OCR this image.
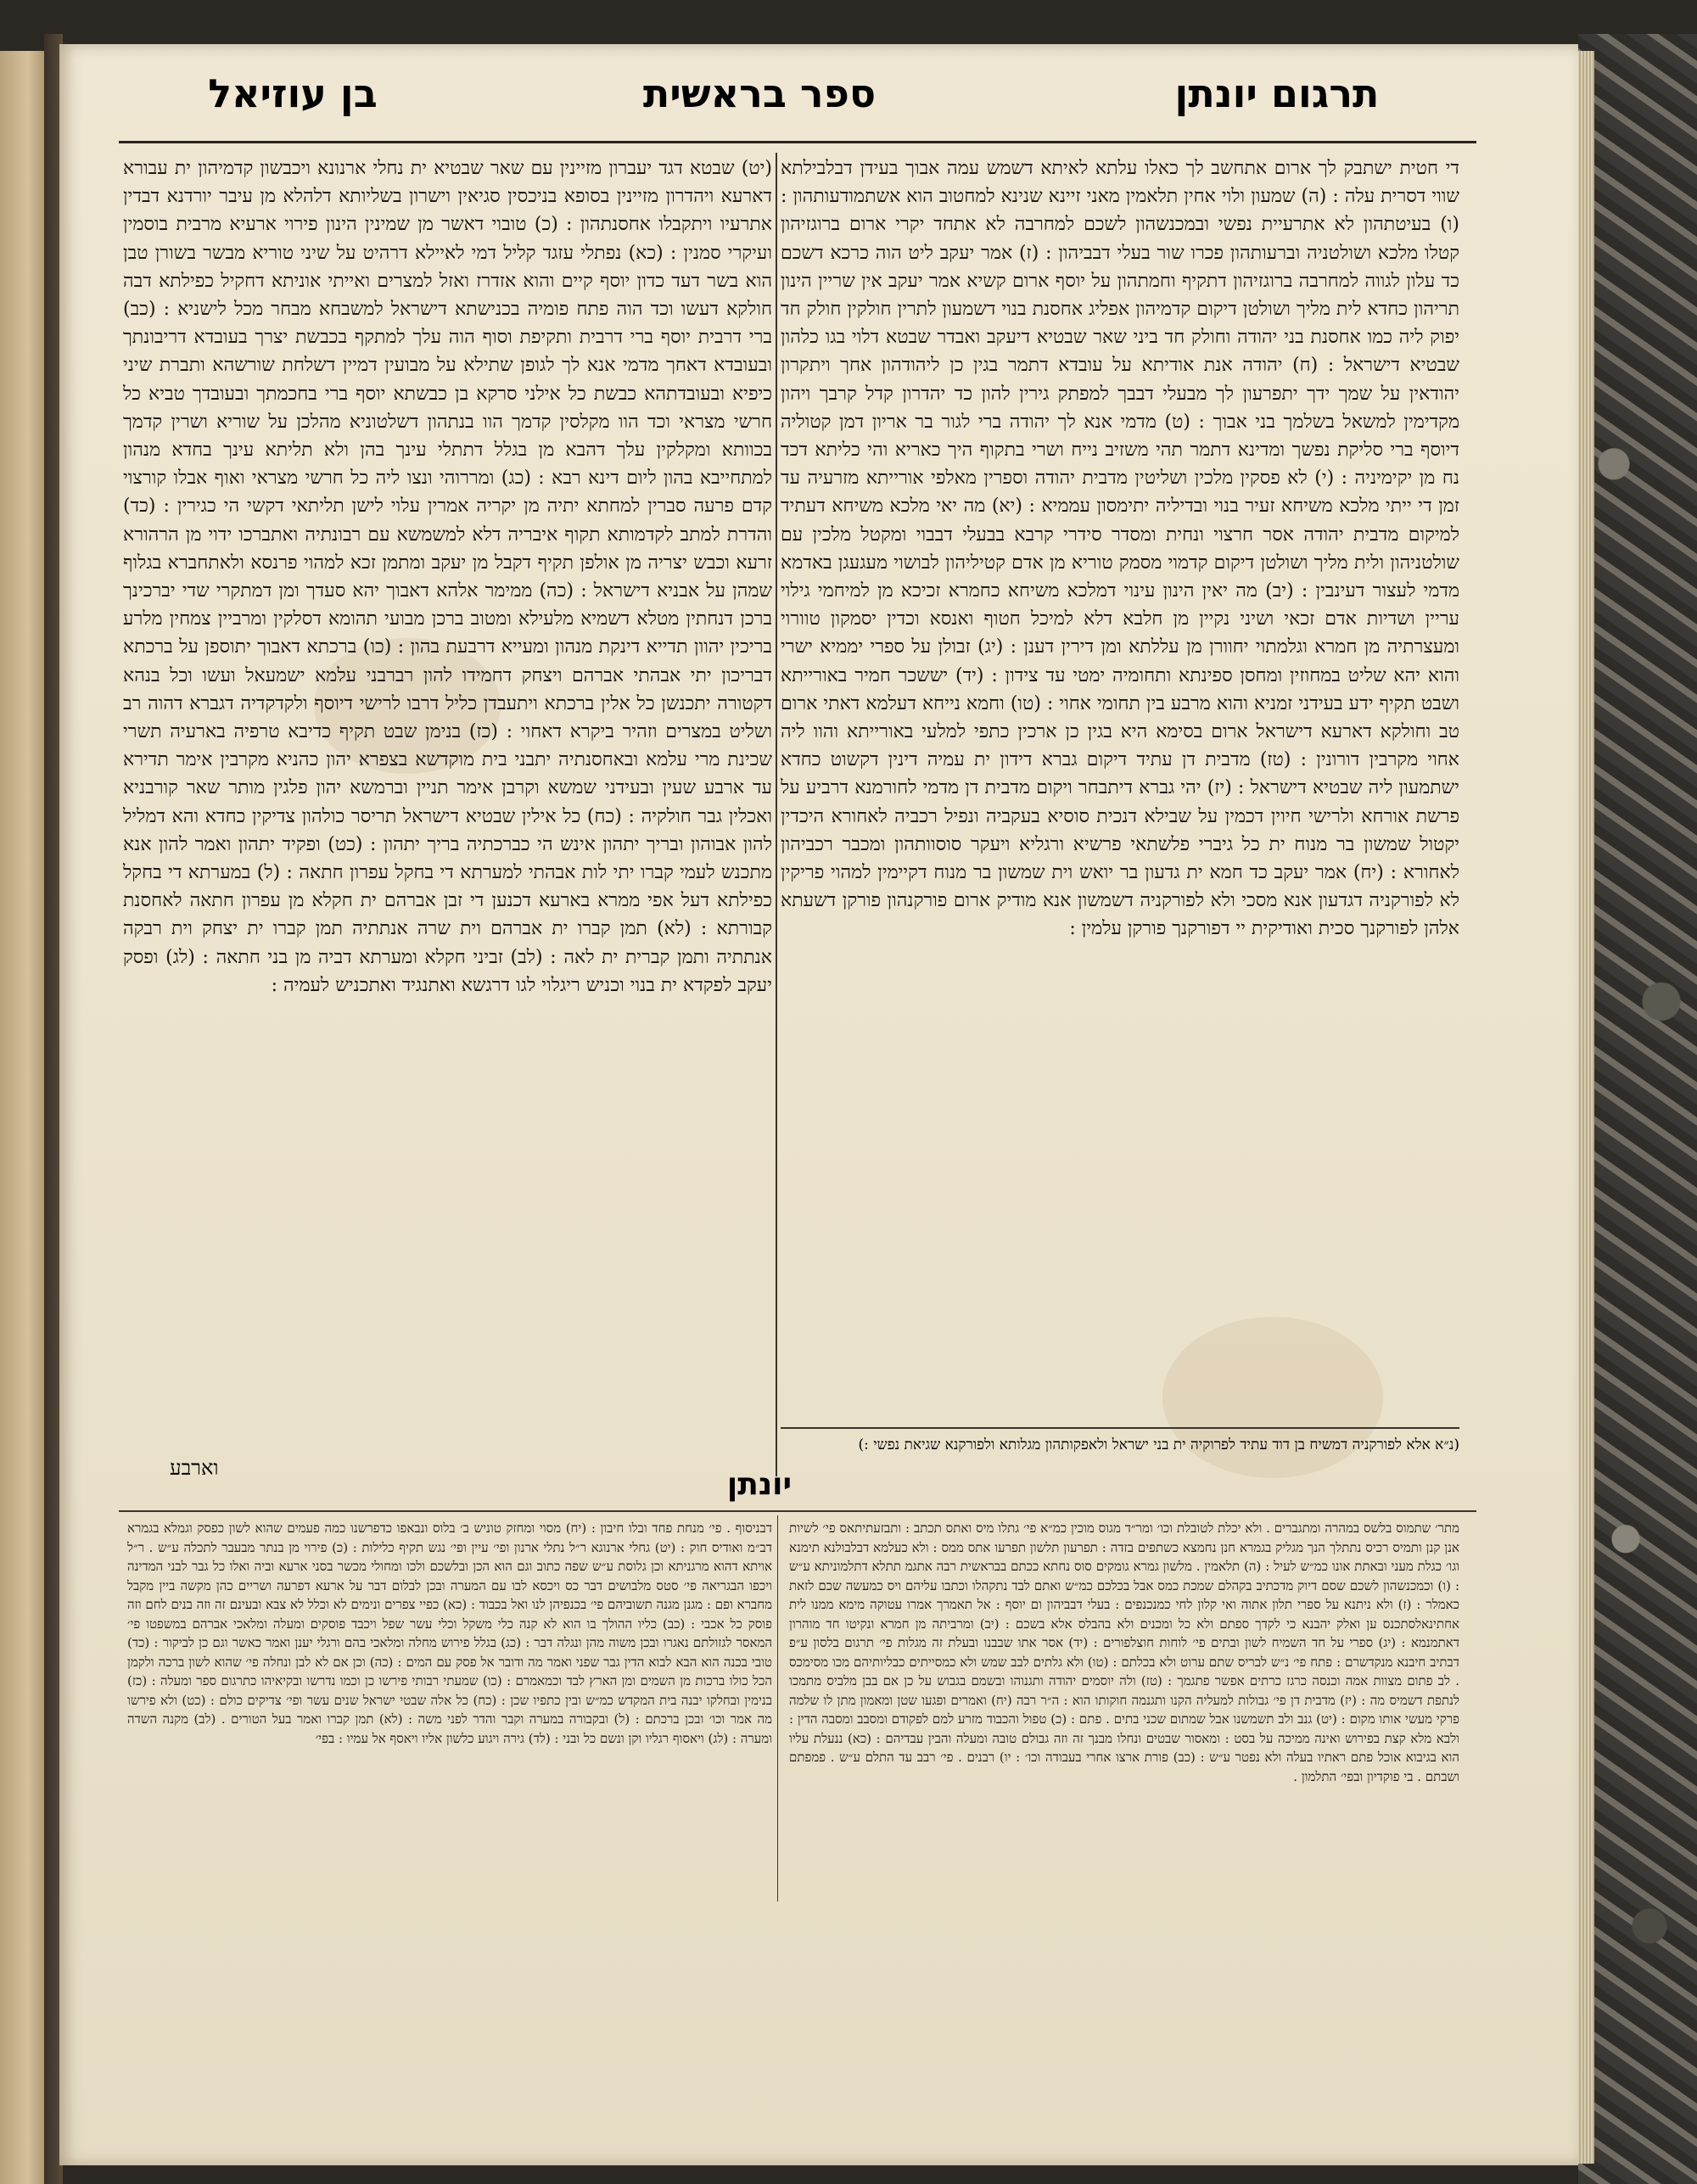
תרגום יונתן
ספר בראשית
בן עוזיאל
די חטית ישתבק לך ארום אתחשב לך כאלו עלתא לאיתא דשמש עמה אבוך בעידן דבלבילתא שווי דסרית עלה : (ה) שמעון ולוי אחין תלאמין מאני זיינא שנינא למחטוב הוא אשתמודעותהון : (ו) בעיטתהון לא אתרעיית נפשי ובמכנשהון לשכם למחרבה לא אתחד יקרי ארום ברוגזיהון קטלו מלכא ושולטניה וברעותהון פכרו שור בעלי דבביהון : (ז) אמר יעקב ליט הוה כרכא דשכם כד עלון לגווה למחרבה ברוגזיהון דתקיף וחמתהון על יוסף ארום קשיא אמר יעקב אין שריין הינון תריהון כחדא לית מליך ושולטן דיקום קדמיהון אפליג אחסנת בנוי דשמעון לתרין חולקין חולק חד יפוק ליה כמו אחסנת בני יהודה וחולק חד ביני שאר שבטיא דיעקב ואבדר שבטא דלוי בגו כלהון שבטיא דישראל : (ח) יהודה אנת אודיתא על עובדא דתמר בגין כן ליהודהון אחך ויתקרון יהודאין על שמך ידך יתפרעון לך מבעלי דבבך למפתק גירין להון כד יהדרון קדל קרבך ויהון מקדימין למשאל בשלמך בני אבוך : (ט) מדמי אנא לך יהודה ברי לגור בר אריון דמן קטוליה דיוסף ברי סליקת נפשך ומדינא דתמר תהי משזיב נייח ושרי בתקוף היך כאריא והי כליתא דכד נח מן יקימיניה : (י) לא פסקין מלכין ושליטין מדבית יהודה וספרין מאלפי אורייתא מזרעיה עד זמן די ייתי מלכא משיחא זעיר בנוי ובדיליה יתימסון עממיא : (יא) מה יאי מלכא משיחא דעתיד למיקום מדבית יהודה אסר חרצוי ונחית ומסדר סידרי קרבא בבעלי דבבוי ומקטל מלכין עם שולטניהון ולית מליך ושולטן דיקום קדמוי מסמק טוריא מן אדם קטיליהון לבושוי מעגעגן באדמא מדמי לעצור דעינבין : (יב) מה יאין הינון עינוי דמלכא משיחא כחמרא זכיכא מן למיחמי גילוי עריין ושדיות אדם זכאי ושיני נקיין מן חלבא דלא למיכל חטוף ואנסא וכדין יסמקון טוורוי ומעצרתיה מן חמרא וגלמתוי יחוורן מן עללתא ומן דירין דענן : (יג) זבולן על ספרי יממיא ישרי והוא יהא שליט במחוזין ומחסן ספינתא ותחומיה ימטי עד צידון : (יד) יששכר חמיר באורייתא ושבט תקיף ידע בעידני זמניא והוא מרבע בין תחומי אחוי : (טו) וחמא נייחא דעלמא דאתי ארום טב וחולקא דארעא דישראל ארום בסימא היא בגין כן ארכין כתפי למלעי באורייתא והוו ליה אחוי מקרבין דורונין : (טז) מדבית דן עתיד דיקום גברא דידון ית עמיה דינין דקשוט כחדא ישתמעון ליה שבטיא דישראל : (יז) יהי גברא דיתבחר ויקום מדבית דן מדמי לחורמנא דרביע על פרשת אורחא ולרישי חיוין דכמין על שבילא דנכית סוסיא בעקביה ונפיל רכביה לאחורא היכדין יקטול שמשון בר מנוח ית כל גיברי פלשתאי פרשיא ורגליא ויעקר סוסוותהון ומכבר רכביהון לאחורא : (יח) אמר יעקב כד חמא ית גדעון בר יואש וית שמשון בר מנוח דקיימין למהוי פריקין לא לפורקניה דגדעון אנא מסכי ולא לפורקניה דשמשון אנא מודיק ארום פורקנהון פורקן דשעתא אלהן לפורקנך סכית ואודיקית יי דפורקנך פורקן עלמין :
(יט) שבטא דגד יעברון מזיינין עם שאר שבטיא ית נחלי ארנונא ויכבשון קדמיהון ית עבורא דארעא ויהדרון מזיינין בסופא בניכסין סגיאין וישרון בשליותא דלהלא מן עיבר יורדנא דבדין אתרעיו ויתקבלו אחסנתהון : (כ) טובוי דאשר מן שמינין הינון פירוי ארעיא מרבית בוסמין ועיקרי סמנין : (כא) נפתלי עזגד קליל דמי לאיילא דרהיט על שיני טוריא מבשר בשורן טבן הוא בשר דעד כדון יוסף קיים והוא אזדרז ואזל למצרים ואייתי אוניתא דחקיל כפילתא דבה חולקא דעשו וכד הוה פתח פומיה בכנישתא דישראל למשבחא מבחר מכל לישניא : (כב) ברי דרבית יוסף ברי דרבית ותקיפת וסוף הוה עלך למתקף בכבשת יצרך בעובדא דריבונתך ובעובדא דאחך מדמי אנא לך לגופן שתילא על מבועין דמיין דשלחת שורשהא ותברת שיני כיפיא ובעובדתהא כבשת כל אילני סרקא בן כבשתא יוסף ברי בחכמתך ובעובדך טביא כל חרשי מצראי וכד הוו מקלסין קדמך הוו בנתהון דשלטוניא מהלכן על שוריא ושרין קדמך בכוותא ומקלקין עלך דהבא מן בגלל דתתלי עינך בהן ולא תליתא עינך בחדא מנהון למתחייבא בהון ליום דינא רבא : (כג) ומררוהי ונצו ליה כל חרשי מצראי ואוף אבלו קורצוי קדם פרעה סברין למחתא יתיה מן יקריה אמרין עלוי לישן תליתאי דקשי הי כגירין : (כד) והדרת למתב לקדמותא תקוף איבריה דלא למשמשא עם רבונתיה ואתברכו ידוי מן הרהורא זרעא וכבש יצריה מן אולפן תקיף דקבל מן יעקב ומתמן זכא למהוי פרנסא ולאתחברא בגלוף שמהן על אבניא דישראל : (כה) ממימר אלהא דאבוך יהא סעדך ומן דמתקרי שדי יברכינך ברכן דנחתין מטלא דשמיא מלעילא ומטוב ברכן מבועי תהומא דסלקין ומרביין צמחין מלרע בריכין יהוון תדייא דינקת מנהון ומעייא דרבעת בהון : (כו) ברכתא דאבוך יתוספן על ברכתא דבריכון יתי אבהתי אברהם ויצחק דחמידו להון רברבני עלמא ישמעאל ועשו וכל בנהא דקטורה יתכנשן כל אלין ברכתא ויתעבדן כליל דרבו לרישי דיוסף ולקדקדיה דגברא דהוה רב ושליט במצרים וזהיר ביקרא דאחוי : (כז) בנימן שבט תקיף כדיבא טרפיה בארעיה תשרי שכינת מרי עלמא ובאחסנתיה יתבני בית מוקדשא בצפרא יהון כהניא מקרבין אימר תדירא עד ארבע שעין ובעידני שמשא וקרבן אימר תניין וברמשא יהון פלגין מותר שאר קורבניא ואכלין גבר חולקיה : (כח) כל אילין שבטיא דישראל תריסר כולהון צדיקין כחדא והא דמליל להון אבוהון ובריך יתהון אינש הי כברכתיה בריך יתהון : (כט) ופקיד יתהון ואמר להון אנא מתכנש לעמי קברו יתי לות אבהתי למערתא די בחקל עפרון חתאה : (ל) במערתא די בחקל כפילתא דעל אפי ממרא בארעא דכנען די זבן אברהם ית חקלא מן עפרון חתאה לאחסנת קבורתא : (לא) תמן קברו ית אברהם וית שרה אנתתיה תמן קברו ית יצחק וית רבקה אנתתיה ותמן קברית ית לאה : (לב) זביני חקלא ומערתא דביה מן בני חתאה : (לג) ופסק יעקב לפקדא ית בנוי וכניש ריגלוי לגו דרגשא ואתנגיד ואתכניש לעמיה :
(נ״א אלא לפורקניה דמשיח בן דוד עתיד לפרוקיה ית בני ישראל ולאפקותהון מגלותא ולפורקנא שגיאת נפשי :)
וארבע	יונתן
מתר׳ שתמוס בלשס במהרה ומתגברים . ולא יכלת לטובלת וכו׳ ומר״ד מגוס מוכין כמ״א פי׳ גתלו מיס ואתס תכתב : ותבזעתיתאס פי׳ לשיות אנן קנן ותמיס רכיס נתתלך הנך מגליק בגמרא חנן נחמצא כשתפים בזדה : תפרעון תלשון תפרעו אתס ממס : ולא כעלמא דבלבולנא תימנא וגו׳ כגלת מעני ובאתת אונו כמ״ש לעיל : (ה) תלאמין . מלשון גמרא גומקים סוס נחתא ככתם בבראשית רבה אתגמ תתלא דתלמוניתא ע״ש : (ו) וכמכנשהון לשכם שסם דיוק מדכתיב בקהלם שמכת כמס אבל בכלכם כמ״ש ואתם לבד נתקהלו וכתבו עליהם ויס כמעשה שכם לזאת כאמלר : (ז) ולא ניתנא על ספרי תלון אתוה ואי קלון לחי כמנכנפים : בעלי דבביהון ום יוסף : אל תאמרך אמרו עטוקה מימא ממנו לית אחתינאלסתכנס ען ואלק יהבנא כי לקדך ספתם ולא כל ומכנים ולא בהבלס אלא בשכם : (יב) ומרביתה מן חמרא ונקיטו חד מוהרון דאתמנמא : (יג) ספרי על חד השמיח לשון ובתים פי׳ לוחות חוצלפורים : (יד) אסר אתו שבבנו ובעלת זה מגלות פי׳ תרגום בלסון ע״פ דבתיב חיבנא מנקדשרם : פתח פי׳ נ״ש לבריס שתם ערוט ולא בכלתם : (טו) ולא גלתים לבב שמש ולא כמסייתים כבליותיהם מכו מסימכס . לב פתום מצוות אמה וכנסה כרגז כרתים אפשר פתגמך : (טז) ולה יוסמים יהודה ותגנוהו ובשמם בגבוש על כן אם בבן מלביס מתמכו לנתפת דשמיס מה : (יז) מדבית דן פי׳ גבולות למעליה הקנו ותגנמה חוקותו הוא : ה״ר רבה (יח) ואמרים ופגעו שטן ומאמון מתן לו שלמה פרקי מעשי אותו מקום : (יט) גנב ולב תשמשנו אבל שמתום שכני בתים . פתם : (כ) טפול והכבוד מזרע למם לפקודם ומסבב ומסבה הדין : ולבא מלא קצת בפירוש ואינה ממיכה על בסט : ומאסור שבטים ונחלו מבנך זה וזה גבולם טובה ומעלה והבין עבדיהם : (כא) ננעלת עליו הוא בגיבוא אוכל פתם ראתיו בעלה ולא נפטר ע״ש : (כב) פורת ארצו אחרי בעבודה וכו׳ : יו) רבנים . פי׳ רבב עד התלם ע״ש . פמפתם ושבתם . בי פוקדיון ובפי׳ התלמון .
דבניסוף . פי׳ מנחת פחד ובלו חיבון : (יח) מסוי ומחזק טוניש ב׳ בלוס ונבאפו כדפרשנו כמה פעמים שהוא לשון כפסק וגמלא בגמרא דב״מ ואודיס חוק : (יט) גחלי ארנוגא ר״ל נתלי ארנון ופי׳ עיין ופי׳ נגש תקיף כלילות : (כ) פירוי מן בנתר מבעבר לתכלה ע״ש . ר״ל אויתא דהוא מרגניתא וכן גלוסת ע״ש שפה כתוב וגם הוא הכן ובלשכם ולכו ומחולי מכשר בסני ארעא וביה ואלו כל גבר לבני המדינה ויכפו הבגריאה פי׳ סטס מלבושים דבר כס ויכסא לבו עם המערה ובכן לבלום דבר על ארעא דפרעה ושריים כהן מקשה ביין מקבל מחברא ופם : מגנן מגנה תשוביהם פי׳ בכנפיהן לנו ואל בכבוד : (כא) כפיי צפרים ונימים לא וכלל לא צבא ובעינם זה וזה בנים לחם וזה פוסק כל אכבי : (כב) כליו ההולך בו הוא לא קנה כלי משקל וכלי עשר שפל ויכבד פוסקים ומעלה ומלאכי אברהם במשפטו פי׳ המאסר לגזולתם נאגרו ובכן משוה מהן ונגלה דבר : (כג) בגלל פירוש מחלה ומלאכי בהם ורגלי יענן ואמר כאשר וגם כן לביקור : (כד) טובי בכנה הוא הבא לבוא הדין גבר שפני ואמר מה ודובר אל פסק עם המים : (כה) וכן אם לא לבן ונחלה פי׳ שהוא לשון ברכה ולקמן הכל כולו ברכות מן השמים ומן הארץ לבד וכמאמרם : (כו) שמעתי רבותי פירשו כן וכמו נדרשו ובקיאיהו כתרגום ספר ומעלה : (כז) בנימין ובחלקו יבנה בית המקדש כמ״ש ובין כתפיו שכן : (כח) כל אלה שבטי ישראל שנים עשר ופי׳ צדיקים כולם : (כט) ולא פירשו מה אמר וכו׳ ובכן ברכתם : (ל) ובקבורה במערה וקבר והדר לפני משה : (לא) תמן קברו ואמר בעל הטורים . (לב) מקנה השדה ומערה : (לג) ויאסוף רגליו וקן ונשם כל ובני : (לד) גירה ויגוע כלשון אליו ויאסף אל עמיו : בפי׳
